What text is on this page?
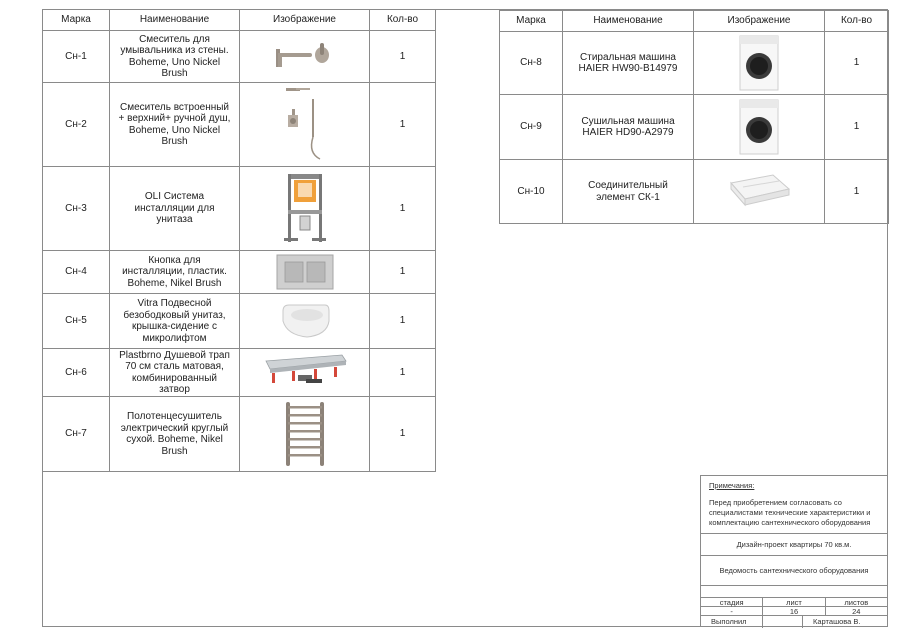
Марка	Наименование	Изображение	Кол-во
Сн-1	Смеситель для умывальника из стены. Boheme, Uno Nickel Brush		1
Сн-2	Смеситель встроенный + верхний+ ручной душ, Boheme, Uno Nickel Brush		1
Сн-3	OLI Система инсталляции для унитаза		1
Сн-4	Кнопка для инсталляции, пластик. Boheme, Nikel Brush		1
Сн-5	Vitra Подвесной безободковый унитаз, крышка-сидение с микролифтом		1
Сн-6	Plastbrno Душевой трап 70 см сталь матовая, комбинированный затвор		1
Сн-7	Полотенцесушитель электрический круглый сухой. Boheme, Nikel Brush		1
Марка	Наименование	Изображение	Кол-во
Сн-8	Стиральная машина HAIER HW90-B14979		1
Сн-9	Сушильная машина HAIER HD90-A2979		1
Сн-10	Соединительный элемент СК-1		1
Примечания:
Перед приобретением согласовать со специалистами технические характеристики и комплектацию сантехнического оборудования
Дизайн-проект квартиры 70 кв.м.
Ведомость сантехнического оборудования
стадия	лист	листов
-	16	24
Выполнил	Карташова В.
